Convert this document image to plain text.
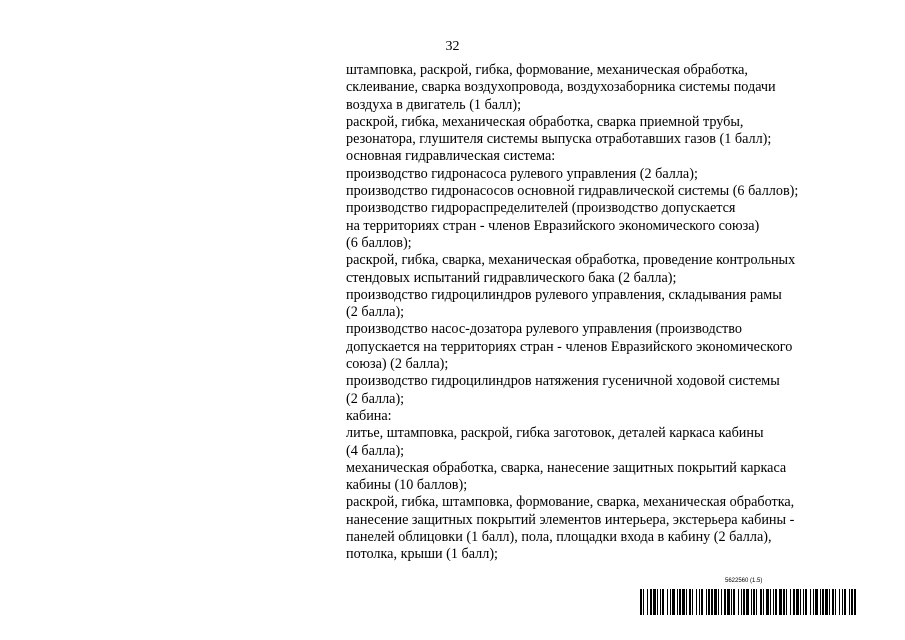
32
штамповка, раскрой, гибка, формование, механическая обработка,
склеивание, сварка воздухопровода, воздухозаборника системы подачи
воздуха в двигатель (1 балл);
раскрой, гибка, механическая обработка, сварка приемной трубы,
резонатора, глушителя системы выпуска отработавших газов (1 балл);
основная гидравлическая система:
производство гидронасоса рулевого управления (2 балла);
производство гидронасосов основной гидравлической системы (6 баллов);
производство гидрораспределителей (производство допускается
на территориях стран - членов Евразийского экономического союза)
(6 баллов);
раскрой, гибка, сварка, механическая обработка, проведение контрольных
стендовых испытаний гидравлического бака (2 балла);
производство гидроцилиндров рулевого управления, складывания рамы
(2 балла);
производство насос-дозатора рулевого управления (производство
допускается на территориях стран - членов Евразийского экономического
союза) (2 балла);
производство гидроцилиндров натяжения гусеничной ходовой системы
(2 балла);
кабина:
литье, штамповка, раскрой, гибка заготовок, деталей каркаса кабины
(4 балла);
механическая обработка, сварка, нанесение защитных покрытий каркаса
кабины (10 баллов);
раскрой, гибка, штамповка, формование, сварка, механическая обработка,
нанесение защитных покрытий элементов интерьера, экстерьера кабины -
панелей облицовки (1 балл), пола, площадки входа в кабину (2 балла),
потолка, крыши (1 балл);
5622560 (1.5)
